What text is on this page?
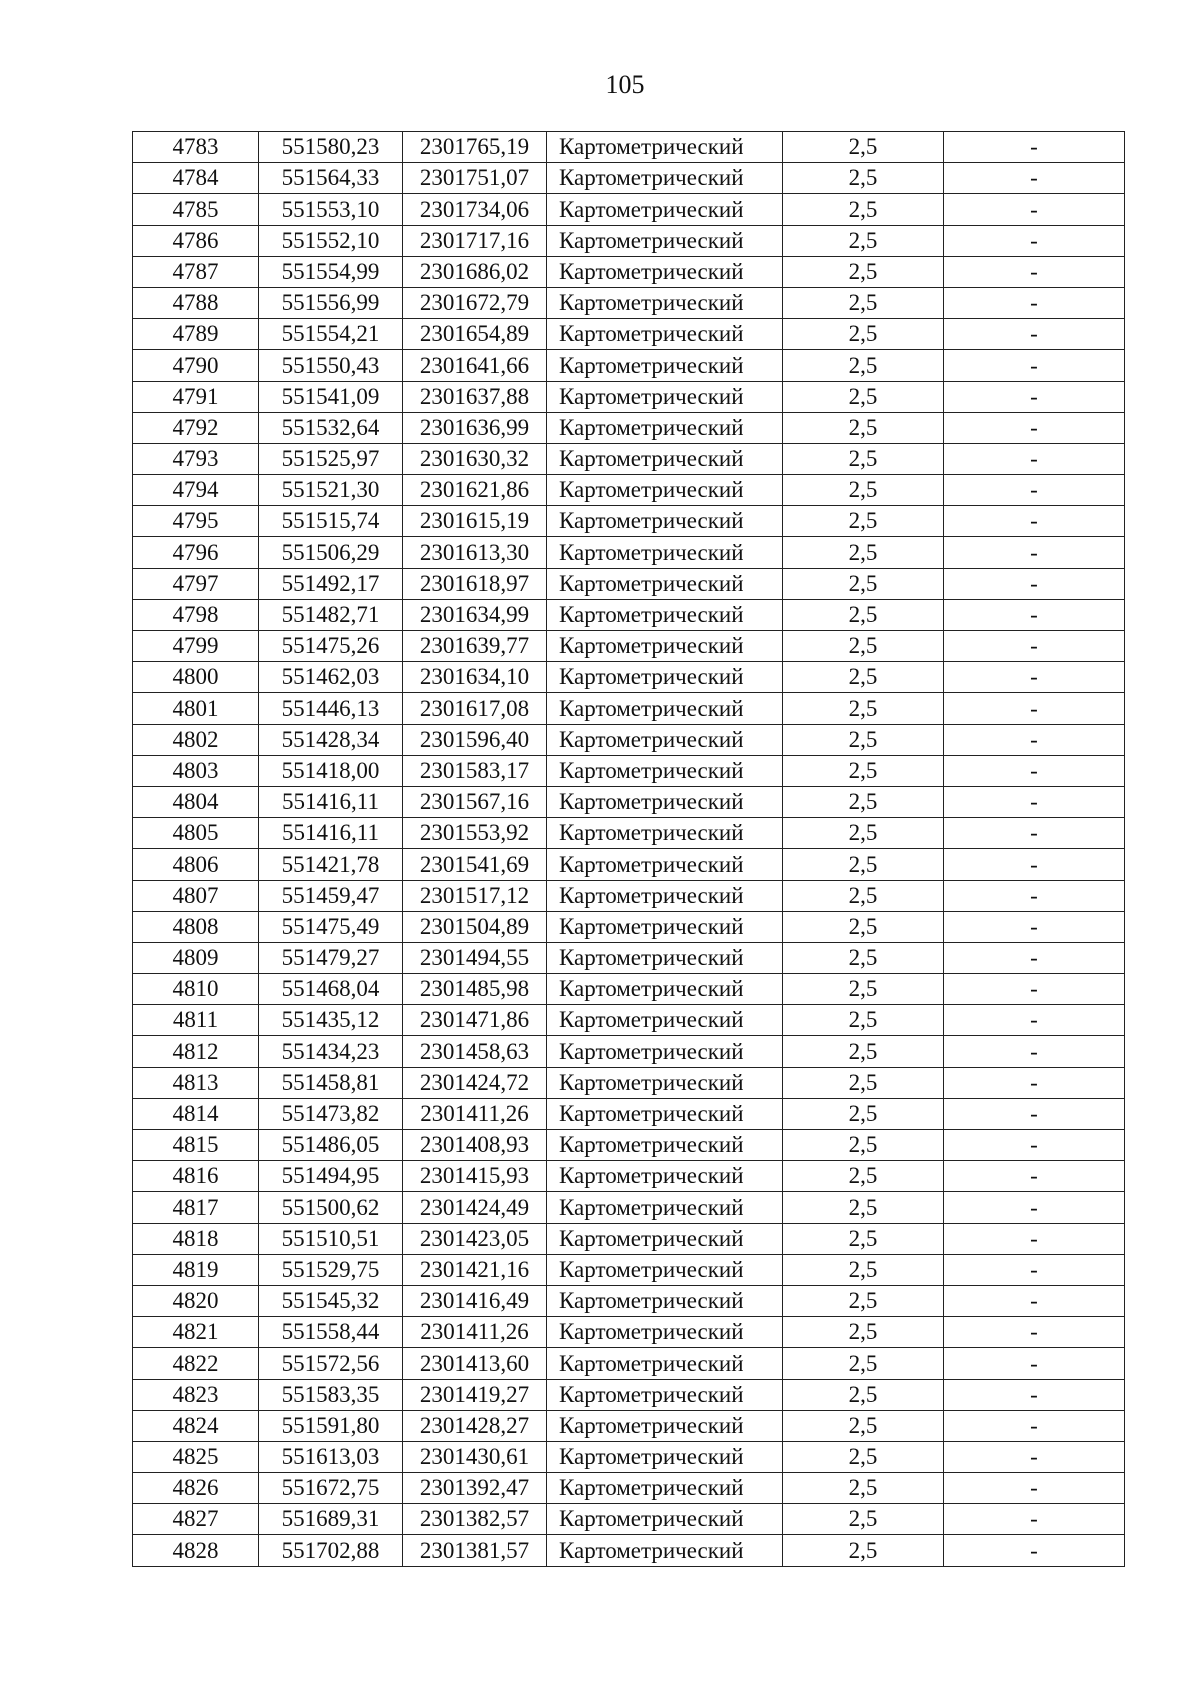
105
4783	551580,23	2301765,19	Картометрический	2,5	-
4784	551564,33	2301751,07	Картометрический	2,5	-
4785	551553,10	2301734,06	Картометрический	2,5	-
4786	551552,10	2301717,16	Картометрический	2,5	-
4787	551554,99	2301686,02	Картометрический	2,5	-
4788	551556,99	2301672,79	Картометрический	2,5	-
4789	551554,21	2301654,89	Картометрический	2,5	-
4790	551550,43	2301641,66	Картометрический	2,5	-
4791	551541,09	2301637,88	Картометрический	2,5	-
4792	551532,64	2301636,99	Картометрический	2,5	-
4793	551525,97	2301630,32	Картометрический	2,5	-
4794	551521,30	2301621,86	Картометрический	2,5	-
4795	551515,74	2301615,19	Картометрический	2,5	-
4796	551506,29	2301613,30	Картометрический	2,5	-
4797	551492,17	2301618,97	Картометрический	2,5	-
4798	551482,71	2301634,99	Картометрический	2,5	-
4799	551475,26	2301639,77	Картометрический	2,5	-
4800	551462,03	2301634,10	Картометрический	2,5	-
4801	551446,13	2301617,08	Картометрический	2,5	-
4802	551428,34	2301596,40	Картометрический	2,5	-
4803	551418,00	2301583,17	Картометрический	2,5	-
4804	551416,11	2301567,16	Картометрический	2,5	-
4805	551416,11	2301553,92	Картометрический	2,5	-
4806	551421,78	2301541,69	Картометрический	2,5	-
4807	551459,47	2301517,12	Картометрический	2,5	-
4808	551475,49	2301504,89	Картометрический	2,5	-
4809	551479,27	2301494,55	Картометрический	2,5	-
4810	551468,04	2301485,98	Картометрический	2,5	-
4811	551435,12	2301471,86	Картометрический	2,5	-
4812	551434,23	2301458,63	Картометрический	2,5	-
4813	551458,81	2301424,72	Картометрический	2,5	-
4814	551473,82	2301411,26	Картометрический	2,5	-
4815	551486,05	2301408,93	Картометрический	2,5	-
4816	551494,95	2301415,93	Картометрический	2,5	-
4817	551500,62	2301424,49	Картометрический	2,5	-
4818	551510,51	2301423,05	Картометрический	2,5	-
4819	551529,75	2301421,16	Картометрический	2,5	-
4820	551545,32	2301416,49	Картометрический	2,5	-
4821	551558,44	2301411,26	Картометрический	2,5	-
4822	551572,56	2301413,60	Картометрический	2,5	-
4823	551583,35	2301419,27	Картометрический	2,5	-
4824	551591,80	2301428,27	Картометрический	2,5	-
4825	551613,03	2301430,61	Картометрический	2,5	-
4826	551672,75	2301392,47	Картометрический	2,5	-
4827	551689,31	2301382,57	Картометрический	2,5	-
4828	551702,88	2301381,57	Картометрический	2,5	-
